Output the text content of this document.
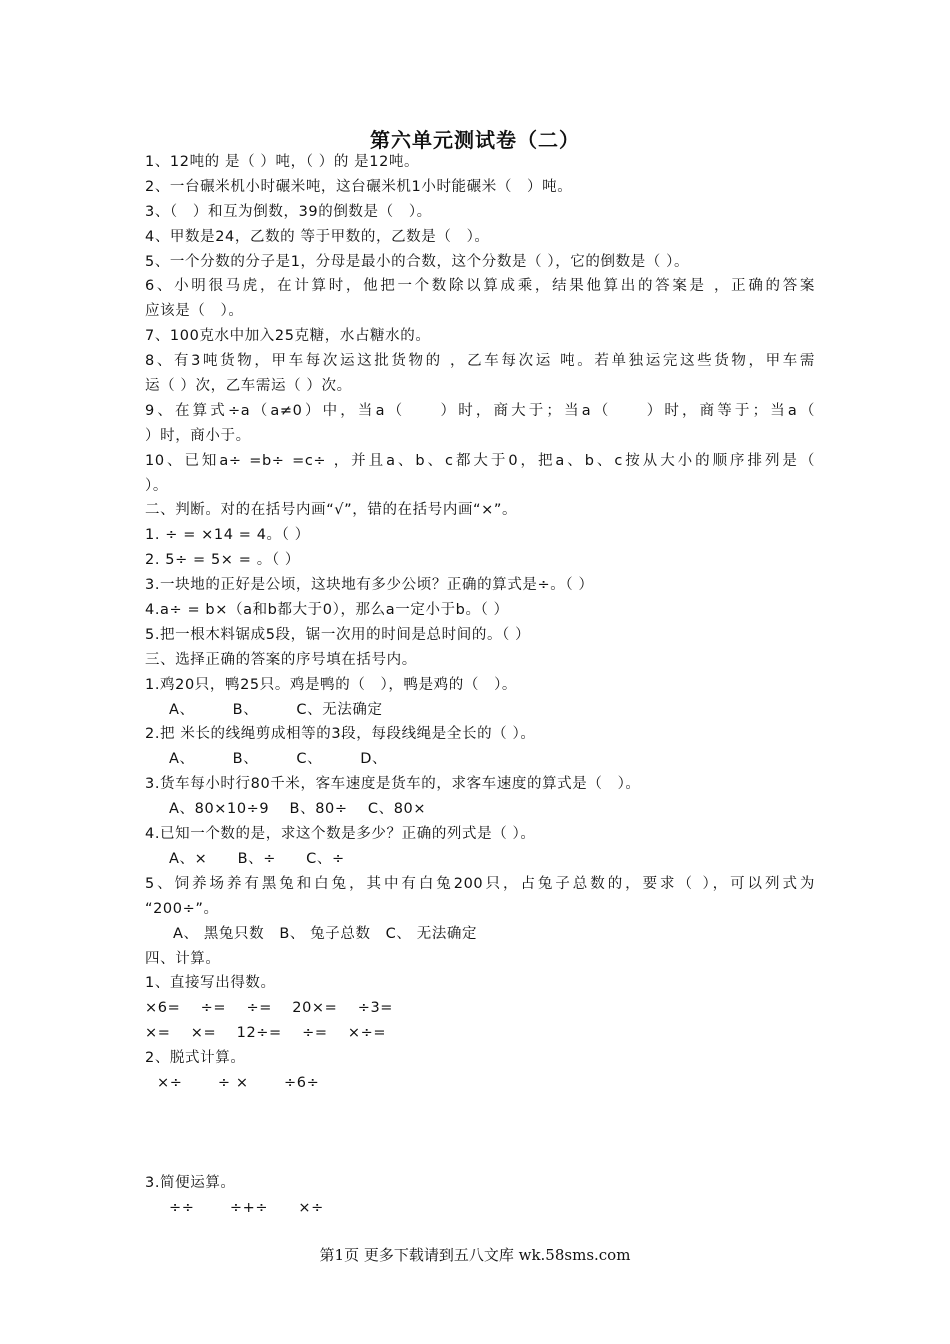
第六单元测试卷（二）
1、12吨的 是（ ）吨，（ ）的 是12吨。
2、一台碾米机小时碾米吨，这台碾米机1小时能碾米（　）吨。
3、（　）和互为倒数，39的倒数是（　）。
4、甲数是24，乙数的 等于甲数的，乙数是（　）。
5、一个分数的分子是1，分母是最小的合数，这个分数是（ ），它的倒数是（ ）。
6、小明很马虎，在计算时，他把一个数除以算成乘，结果他算出的答案是 ，正确的答案
应该是（　）。
7、100克水中加入25克糖，水占糖水的。
8、有3吨货物，甲车每次运这批货物的 ，乙车每次运 吨。若单独运完这些货物，甲车需
运（ ）次，乙车需运（ ）次。
9、在算式÷a（a≠0）中，当a（　　）时，商大于；当a（　　）时，商等于；当a（
）时，商小于。
10、已知a÷ =b÷ =c÷ ，并且a、b、c都大于0，把a、b、c按从大小的顺序排列是（
）。
二、判断。对的在括号内画“√”，错的在括号内画“×”。
1. ÷ = ×14 = 4。（ ）
2. 5÷ = 5× = 。（ ）
3.一块地的正好是公顷，这块地有多少公顷？正确的算式是÷。（ ）
4.a÷ = b×（a和b都大于0），那么a一定小于b。（ ）
5.把一根木料锯成5段，锯一次用的时间是总时间的。（ ）
三、选择正确的答案的序号填在括号内。
1.鸡20只，鸭25只。鸡是鸭的（　），鸭是鸡的（　）。
A、　　　B、　　　C、无法确定
2.把 米长的线绳剪成相等的3段，每段线绳是全长的（ ）。
A、　　　B、　　　C、　　　D、
3.货车每小时行80千米，客车速度是货车的，求客车速度的算式是（　）。
A、80×10÷9　 B、80÷　 C、80×
4.已知一个数的是，求这个数是多少？正确的列式是（ ）。
A、×　　B、÷　　C、÷
5、饲养场养有黑兔和白兔，其中有白兔200只，占兔子总数的，要求（ ），可以列式为
“200÷”。
A、 黑兔只数　B、 兔子总数　C、 无法确定
四、计算。
1、直接写出得数。
×6=　 ÷=　 ÷=　 20×=　 ÷3=
×=　 ×=　 12÷=　 ÷=　 ×÷=
2、脱式计算。
×÷　　 ÷ ×　　 ÷6÷
3.简便运算。
÷÷　　 ÷+÷　　×÷
第1页 更多下载请到五八文库 wk.58sms.com
